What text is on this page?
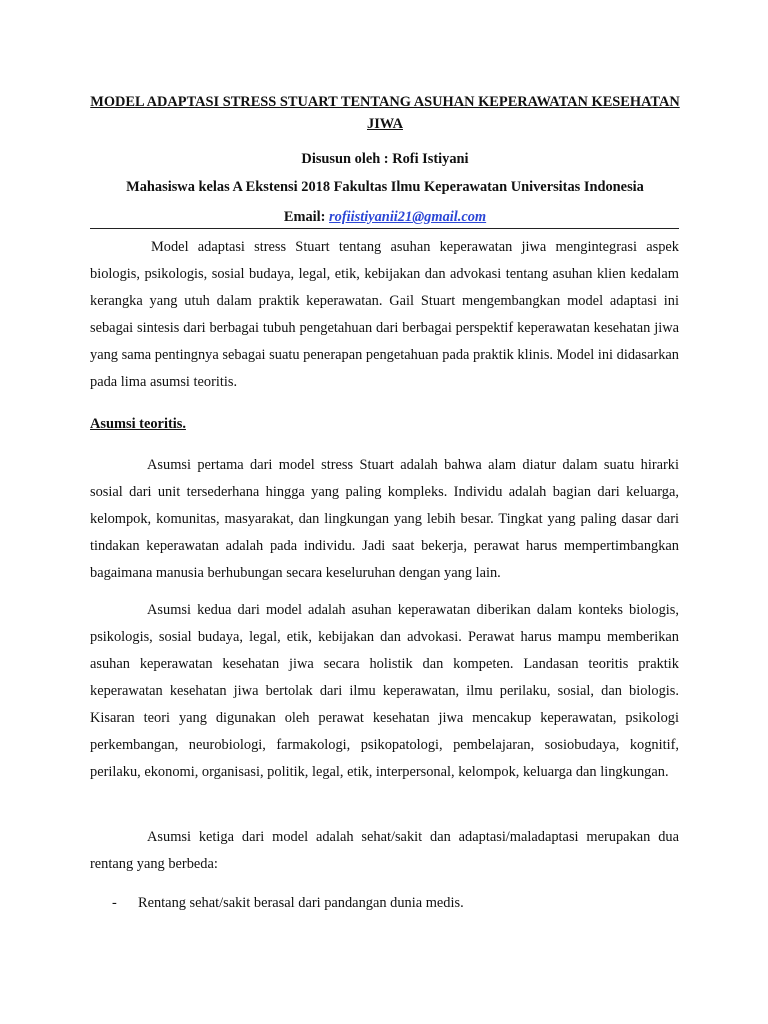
MODEL ADAPTASI STRESS STUART TENTANG ASUHAN KEPERAWATAN KESEHATAN JIWA
Disusun oleh : Rofi Istiyani
Mahasiswa kelas A Ekstensi 2018 Fakultas Ilmu Keperawatan Universitas Indonesia
Email: rofiistiyanii21@gmail.com

Model adaptasi stress Stuart tentang asuhan keperawatan jiwa mengintegrasi aspek biologis, psikologis, sosial budaya, legal, etik, kebijakan dan advokasi tentang asuhan klien kedalam kerangka yang utuh dalam praktik keperawatan. Gail Stuart mengembangkan model adaptasi ini sebagai sintesis dari berbagai tubuh pengetahuan dari berbagai perspektif keperawatan kesehatan jiwa yang sama pentingnya sebagai suatu penerapan pengetahuan pada praktik klinis. Model ini didasarkan pada lima asumsi teoritis.

Asumsi teoritis.

Asumsi pertama dari model stress Stuart adalah bahwa alam diatur dalam suatu hirarki sosial dari unit tersederhana hingga yang paling kompleks. Individu adalah bagian dari keluarga, kelompok, komunitas, masyarakat, dan lingkungan yang lebih besar. Tingkat yang paling dasar dari tindakan keperawatan adalah pada individu. Jadi saat bekerja, perawat harus mempertimbangkan bagaimana manusia berhubungan secara keseluruhan dengan yang lain.

Asumsi kedua dari model adalah asuhan keperawatan diberikan dalam konteks biologis, psikologis, sosial budaya, legal, etik, kebijakan dan advokasi. Perawat harus mampu memberikan asuhan keperawatan kesehatan jiwa secara holistik dan kompeten. Landasan teoritis praktik keperawatan kesehatan jiwa bertolak dari ilmu keperawatan, ilmu perilaku, sosial, dan biologis. Kisaran teori yang digunakan oleh perawat kesehatan jiwa mencakup keperawatan, psikologi perkembangan, neurobiologi, farmakologi, psikopatologi, pembelajaran, sosiobudaya, kognitif, perilaku, ekonomi, organisasi, politik, legal, etik, interpersonal, kelompok, keluarga dan lingkungan.

Asumsi ketiga dari model adalah sehat/sakit dan adaptasi/maladaptasi merupakan dua rentang yang berbeda:

- Rentang sehat/sakit berasal dari pandangan dunia medis.
